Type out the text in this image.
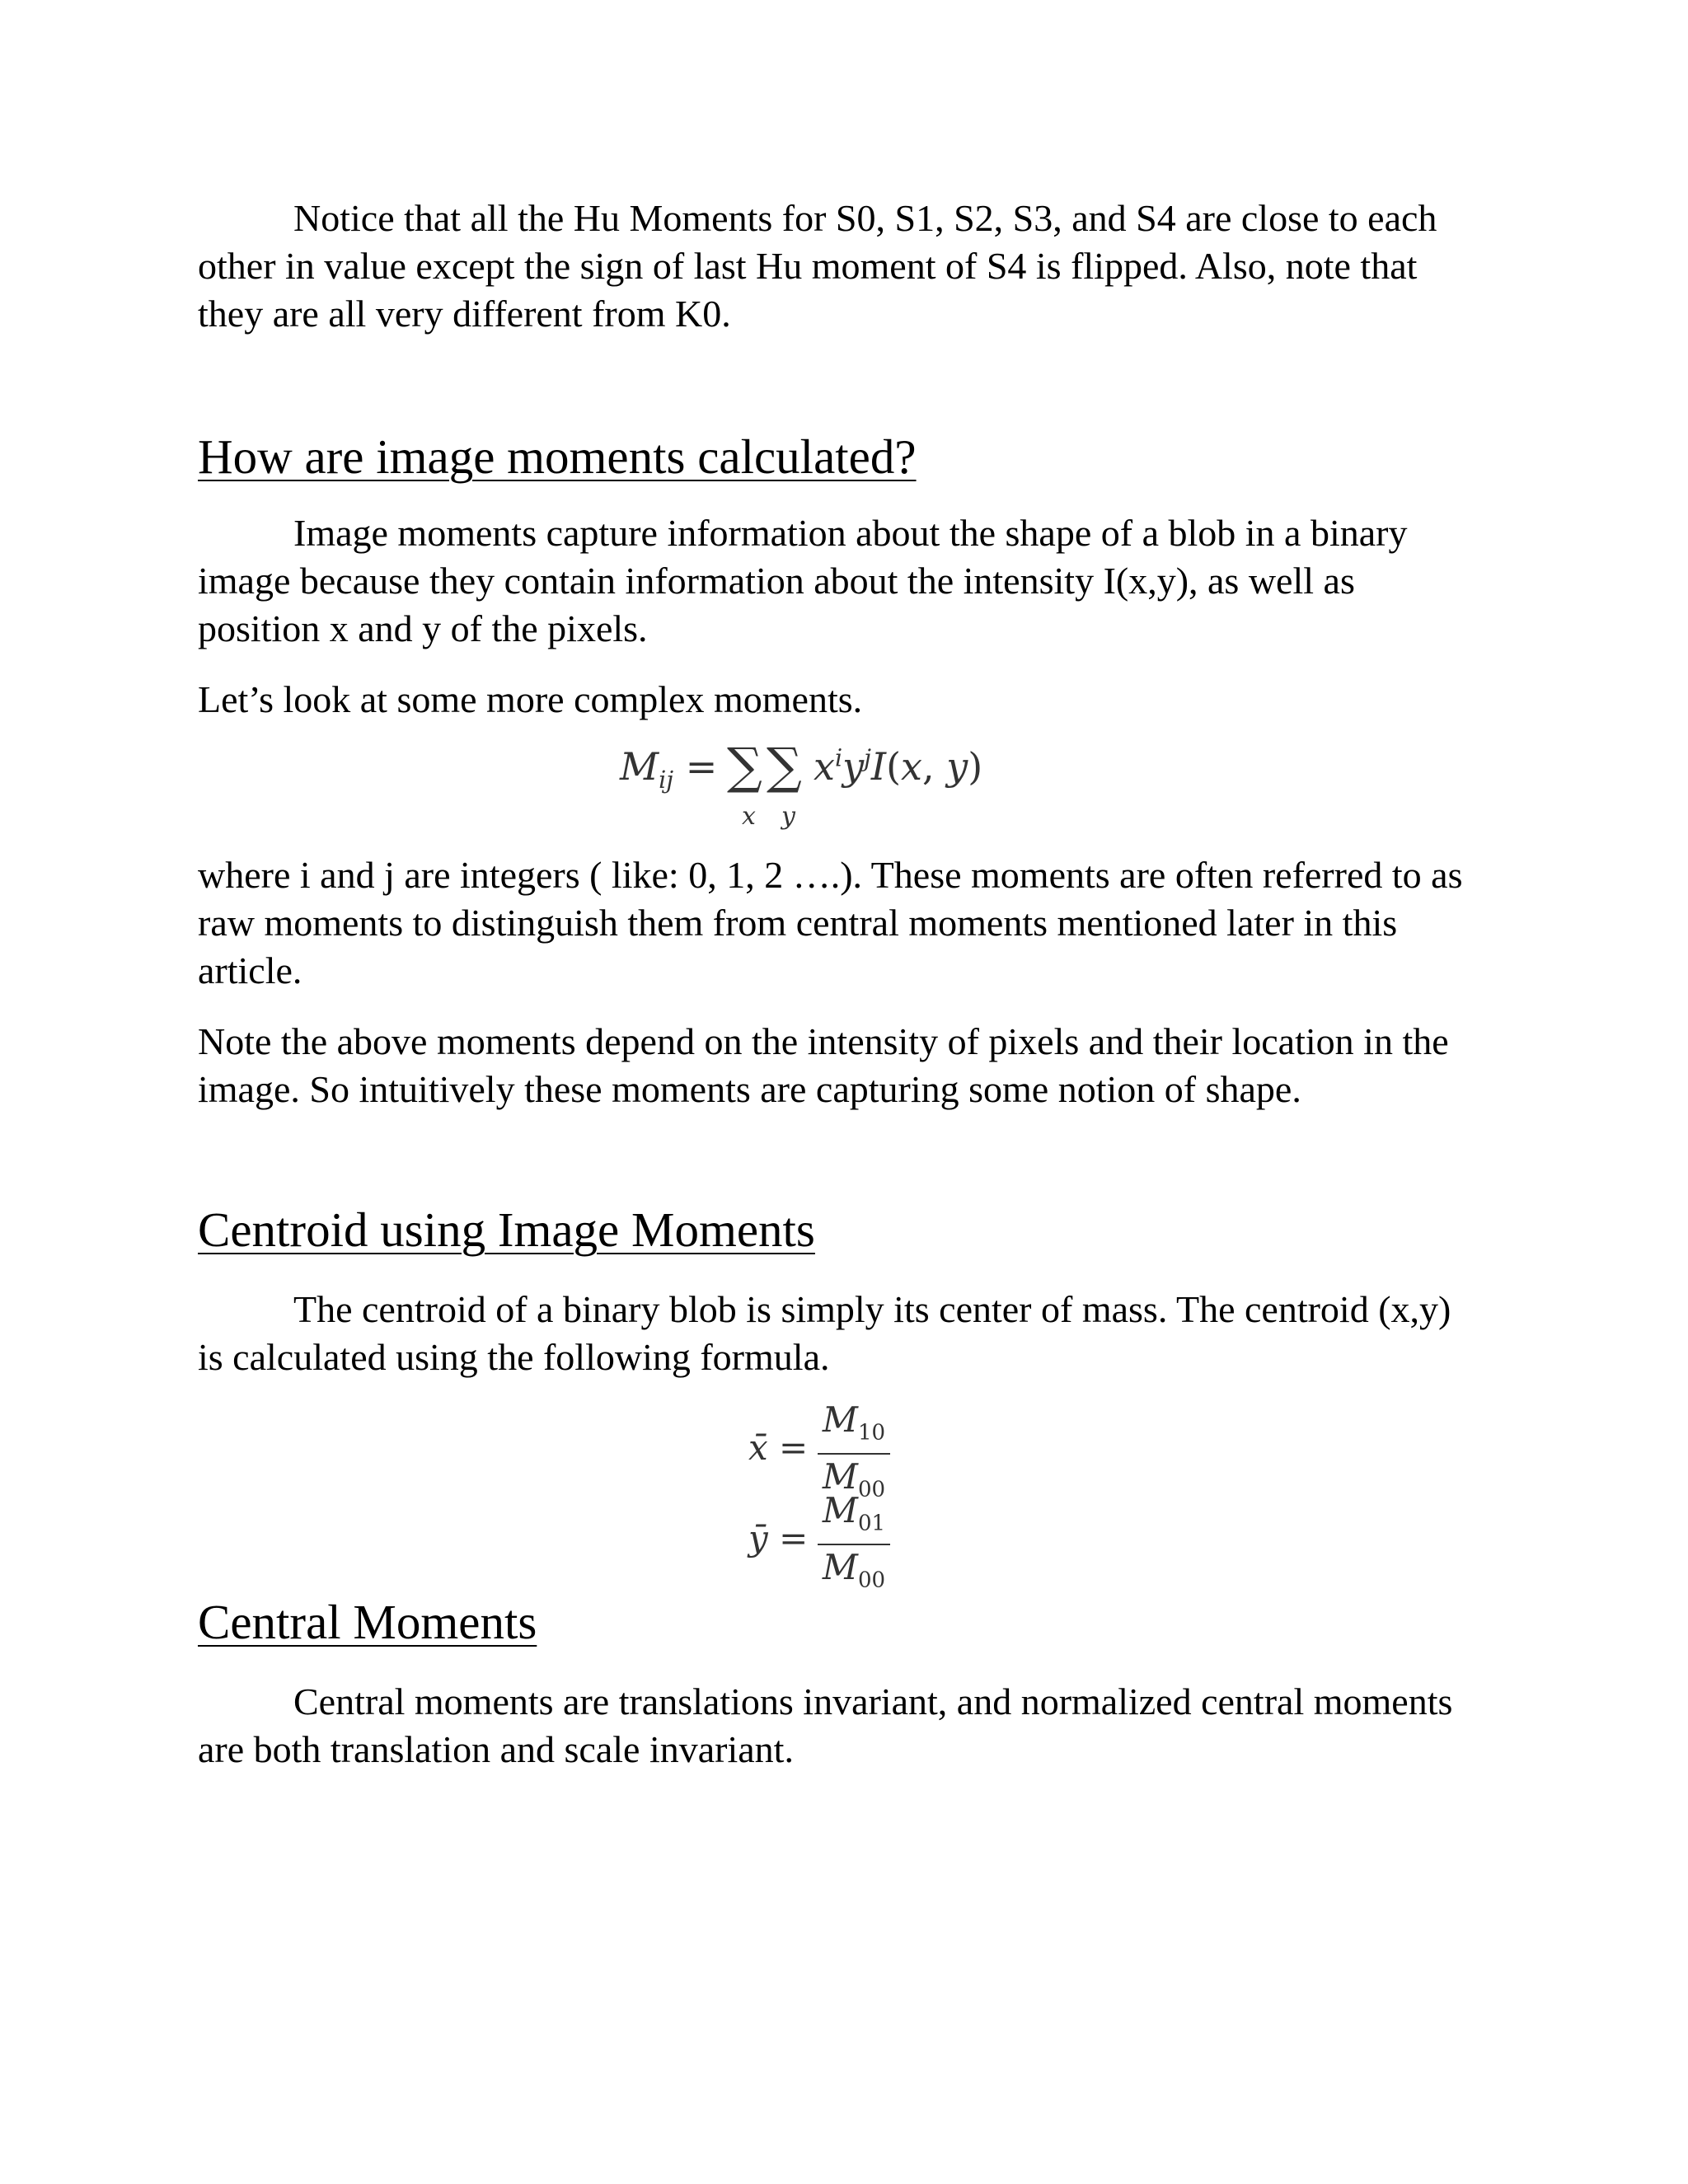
Notice that all the Hu Moments for S0, S1, S2, S3, and S4 are close to each other in value except the sign of last Hu moment of S4 is flipped. Also, note that they are all very different from K0.

How are image moments calculated?

Image moments capture information about the shape of a blob in a binary image because they contain information about the intensity I(x,y), as well as position x and y of the pixels.

Let’s look at some more complex moments.

$M_{ij}$ = ∑
x
∑
y
$x^iy^jI(x$, y)

where i and j are integers ( like: 0, 1, 2 ….). These moments are often referred to as raw moments to distinguish them from central moments mentioned later in this article.

Note the above moments depend on the intensity of pixels and their location in the image. So intuitively these moments are capturing some notion of shape.

Centroid using Image Moments

The centroid of a binary blob is simply its center of mass. The centroid (x,y) is calculated using the following formula.

x̄ = $\frac{M_{10}}{M_{00}}$
ȳ = $\frac{M_{01}}{M_{00}}$
Central Moments

Central moments are translations invariant, and normalized central moments are both translation and scale invariant.
